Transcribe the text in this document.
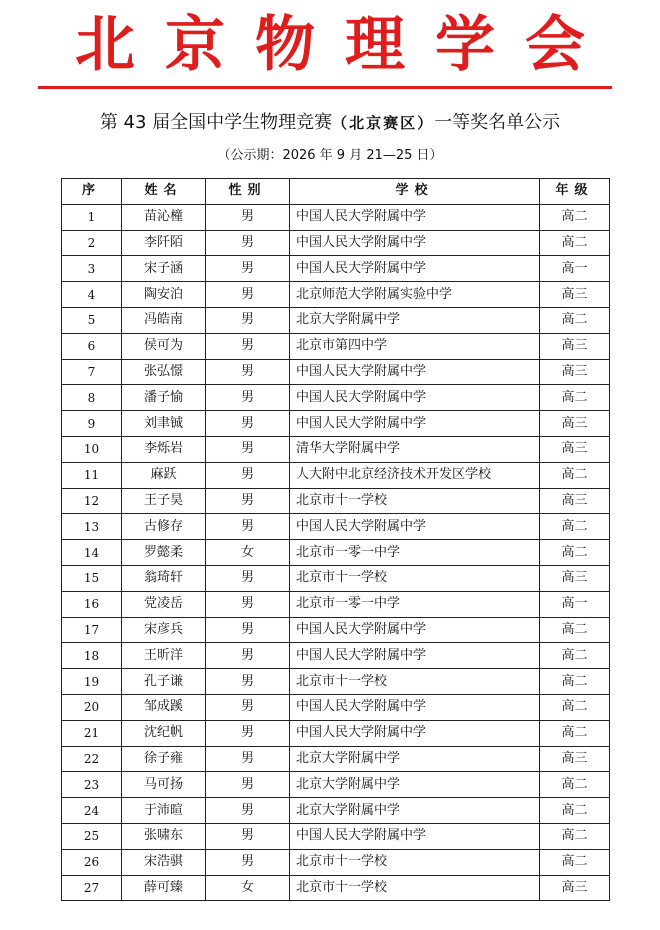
北京物理学会
第 43 届全国中学生物理竞赛（北京赛区）一等奖名单公示
（公示期：2026 年 9 月 21—25 日）
序	姓名	性别	学校	年级
1	苗沁橦	男	中国人民大学附属中学	高二
2	李阡陌	男	中国人民大学附属中学	高二
3	宋子涵	男	中国人民大学附属中学	高一
4	陶安泊	男	北京师范大学附属实验中学	高三
5	冯皓南	男	北京大学附属中学	高二
6	侯可为	男	北京市第四中学	高三
7	张弘憬	男	中国人民大学附属中学	高三
8	潘子愉	男	中国人民大学附属中学	高二
9	刘聿铖	男	中国人民大学附属中学	高三
10	李烁岩	男	清华大学附属中学	高三
11	麻跃	男	人大附中北京经济技术开发区学校	高二
12	王子昊	男	北京市十一学校	高三
13	古修存	男	中国人民大学附属中学	高二
14	罗懿柔	女	北京市一零一中学	高二
15	翁琦轩	男	北京市十一学校	高三
16	党凌岳	男	北京市一零一中学	高一
17	宋彦兵	男	中国人民大学附属中学	高二
18	王昕洋	男	中国人民大学附属中学	高二
19	孔子谦	男	北京市十一学校	高二
20	邹成蹊	男	中国人民大学附属中学	高二
21	沈纪帆	男	中国人民大学附属中学	高二
22	徐子雍	男	北京大学附属中学	高三
23	马可扬	男	北京大学附属中学	高二
24	于沛暄	男	北京大学附属中学	高二
25	张啸东	男	中国人民大学附属中学	高二
26	宋浩骐	男	北京市十一学校	高二
27	薛可臻	女	北京市十一学校	高三
